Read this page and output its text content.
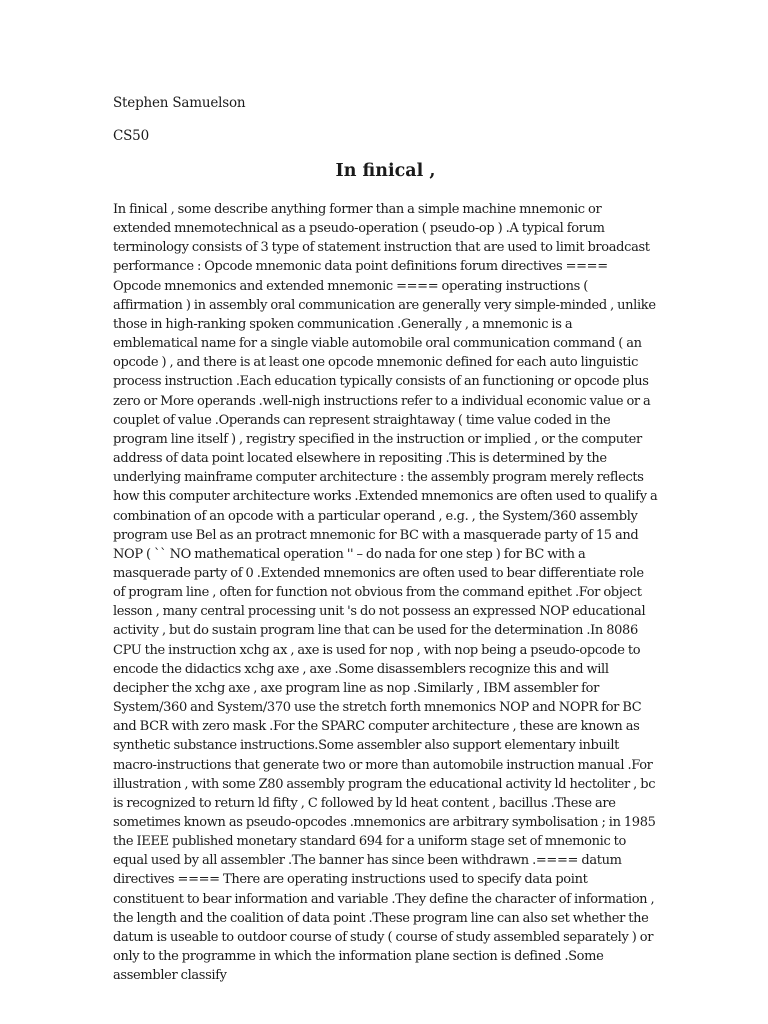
Stephen Samuelson

CS50

In finical ,

In finical , some describe anything former than a simple machine mnemonic or extended mnemotechnical as a pseudo-operation ( pseudo-op ) .A typical forum terminology consists of 3 type of statement instruction that are used to limit broadcast performance : Opcode mnemonic data point definitions forum directives ==== Opcode mnemonics and extended mnemonic ==== operating instructions ( affirmation ) in assembly oral communication are generally very simple-minded , unlike those in high-ranking spoken communication .Generally , a mnemonic is a emblematical name for a single viable automobile oral communication command ( an opcode ) , and there is at least one opcode mnemonic defined for each auto linguistic process instruction .Each education typically consists of an functioning or opcode plus zero or More operands .well-nigh instructions refer to a individual economic value or a couplet of value .Operands can represent straightaway ( time value coded in the program line itself ) , registry specified in the instruction or implied , or the computer address of data point located elsewhere in repositing .This is determined by the underlying mainframe computer architecture : the assembly program merely reflects how this computer architecture works .Extended mnemonics are often used to qualify a combination of an opcode with a particular operand , e.g. , the System/360 assembly program use Bel as an protract mnemonic for BC with a masquerade party of 15 and NOP ( `` NO mathematical operation '' – do nada for one step ) for BC with a masquerade party of 0 .Extended mnemonics are often used to bear differentiate role of program line , often for function not obvious from the command epithet .For object lesson , many central processing unit 's do not possess an expressed NOP educational activity , but do sustain program line that can be used for the determination .In 8086 CPU the instruction xchg ax , axe is used for nop , with nop being a pseudo-opcode to encode the didactics xchg axe , axe .Some disassemblers recognize this and will decipher the xchg axe , axe program line as nop .Similarly , IBM assembler for System/360 and System/370 use the stretch forth mnemonics NOP and NOPR for BC and BCR with zero mask .For the SPARC computer architecture , these are known as synthetic substance instructions.Some assembler also support elementary inbuilt macro-instructions that generate two or more than automobile instruction manual .For illustration , with some Z80 assembly program the educational activity ld hectoliter , bc is recognized to return ld fifty , C followed by ld heat content , bacillus .These are sometimes known as pseudo-opcodes .mnemonics are arbitrary symbolisation ; in 1985 the IEEE published monetary standard 694 for a uniform stage set of mnemonic to equal used by all assembler .The banner has since been withdrawn .==== datum directives ==== There are operating instructions used to specify data point constituent to bear information and variable .They define the character of information , the length and the coalition of data point .These program line can also set whether the datum is useable to outdoor course of study ( course of study assembled separately ) or only to the programme in which the information plane section is defined .Some assembler classify
